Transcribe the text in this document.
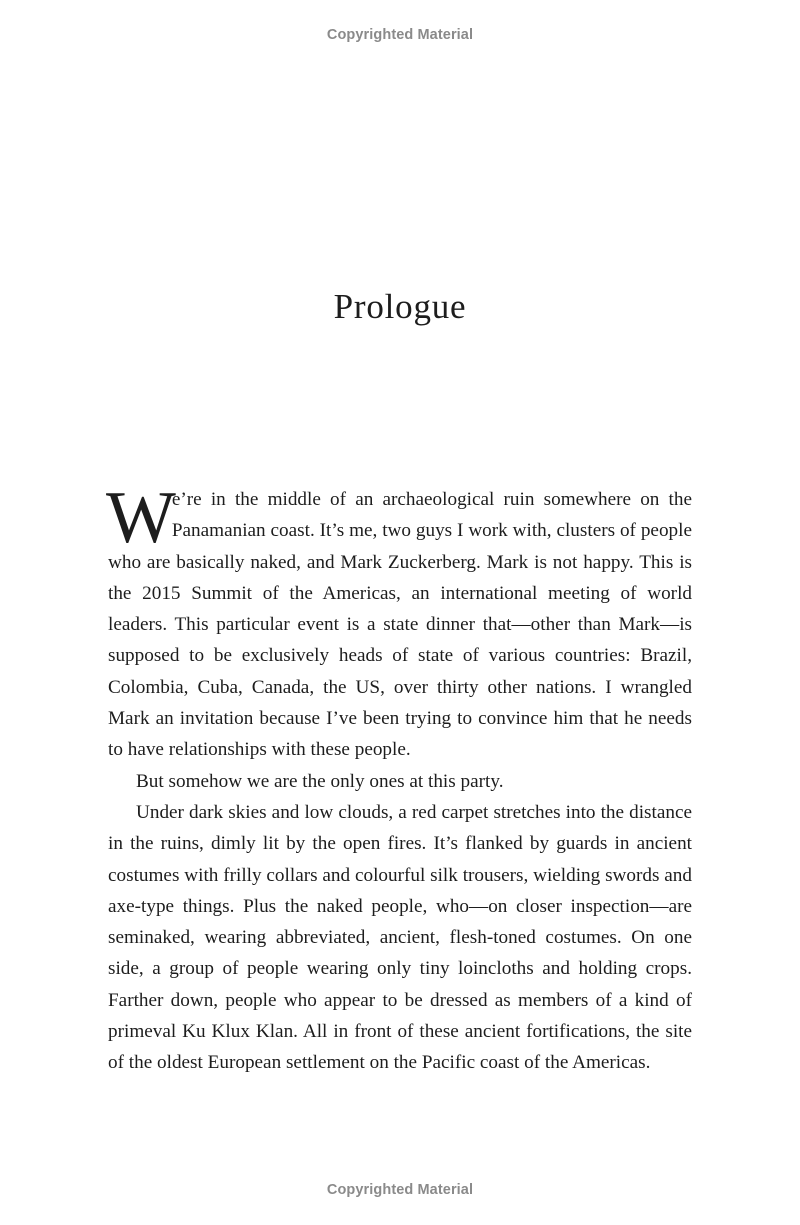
Copyrighted Material
Prologue

We’re in the middle of an archaeological ruin somewhere on the Panamanian coast. It’s me, two guys I work with, clusters of people who are basically naked, and Mark Zuckerberg. Mark is not happy. This is the 2015 Summit of the Americas, an international meeting of world leaders. This particular event is a state dinner that—other than Mark—is supposed to be exclusively heads of state of various countries: Brazil, Colombia, Cuba, Canada, the US, over thirty other nations. I wrangled Mark an invitation because I’ve been trying to convince him that he needs to have relationships with these people.

But somehow we are the only ones at this party.

Under dark skies and low clouds, a red carpet stretches into the distance in the ruins, dimly lit by the open fires. It’s flanked by guards in ancient costumes with frilly collars and colourful silk trousers, wielding swords and axe-type things. Plus the naked people, who—on closer inspection—are seminaked, wearing abbreviated, ancient, flesh-toned costumes. On one side, a group of people wearing only tiny loincloths and holding crops. Farther down, people who appear to be dressed as members of a kind of primeval Ku Klux Klan. All in front of these ancient fortifications, the site of the oldest European settlement on the Pacific coast of the Americas.

Copyrighted Material
